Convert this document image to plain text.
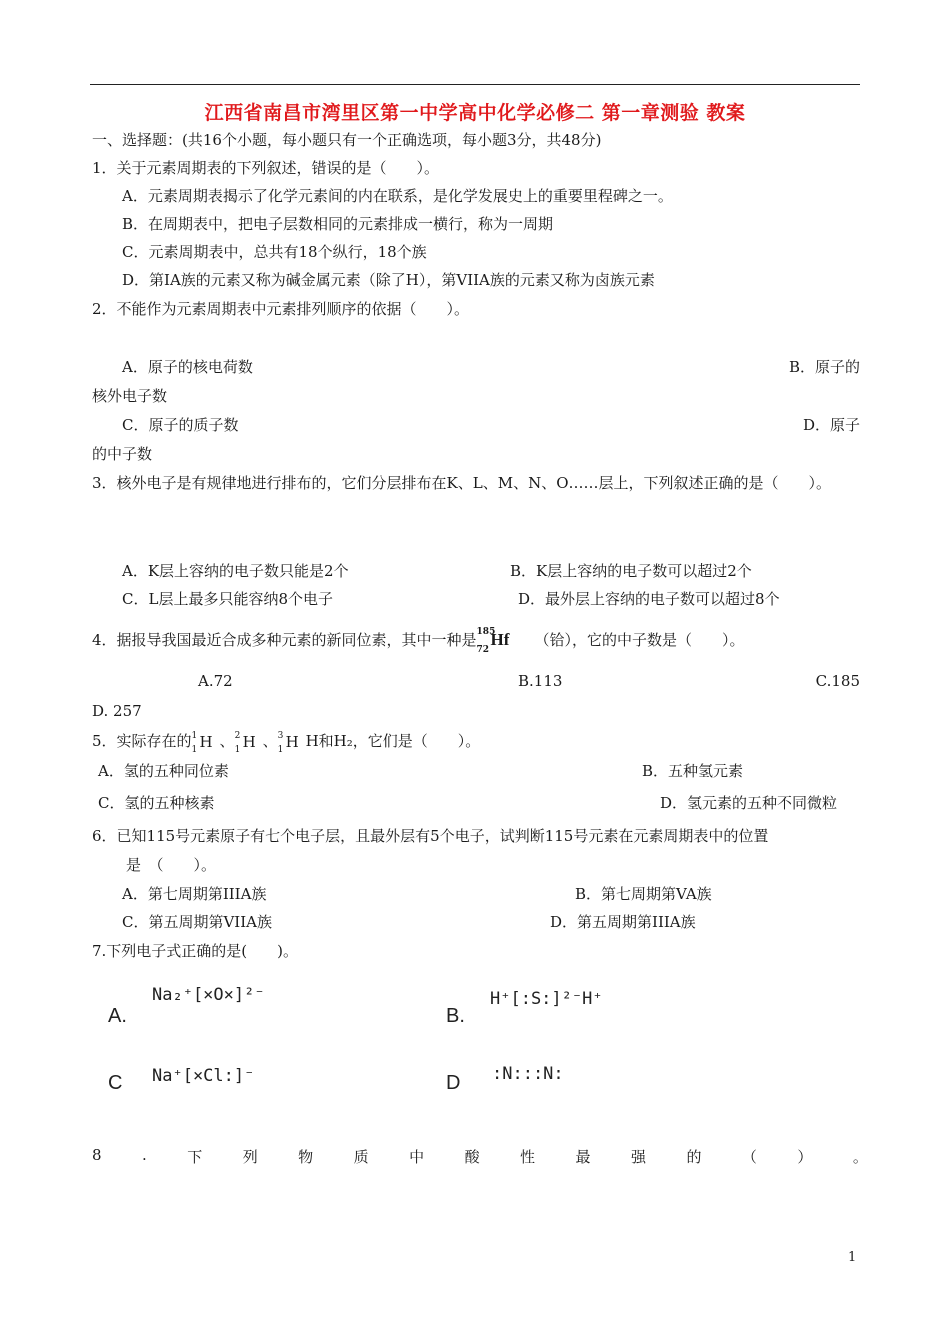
江西省南昌市湾里区第一中学高中化学必修二 第一章测验 教案
一、选择题：(共16个小题，每小题只有一个正确选项，每小题3分，共48分)
1．关于元素周期表的下列叙述，错误的是（　　）。
A．元素周期表揭示了化学元素间的内在联系，是化学发展史上的重要里程碑之一。
B．在周期表中，把电子层数相同的元素排成一横行，称为一周期
C．元素周期表中，总共有18个纵行，18个族
D．第IA族的元素又称为碱金属元素（除了H），第VIIA族的元素又称为卤族元素
2．不能作为元素周期表中元素排列顺序的依据（　　）。
A．原子的核电荷数	B．原子的
核外电子数
C．原子的质子数	D．原子
的中子数
3．核外电子是有规律地进行排布的，它们分层排布在K、L、M、N、O……层上，下列叙述正确的是（　　）。
A．K层上容纳的电子数只能是2个	B．K层上容纳的电子数可以超过2个
C．L层上最多只能容纳8个电子	D．最外层上容纳的电子数可以超过8个
4．据报导我国最近合成多种元素的新同位素，其中一种是 185
72
Hf （铪），它的中子数是（　　）。
A.72	B.113	C.185
D. 257
5．实际存在的 1
1 H 、 2
1 H 、 3
1 H H和H₂，它们是（　　）。
A．氢的五种同位素	B．五种氢元素
C．氢的五种核素	D．氢元素的五种不同微粒
6．已知115号元素原子有七个电子层，且最外层有5个电子，试判断115号元素在元素周期表中的位置
是　（　　）。
A．第七周期第IIIA族	B．第七周期第VA族
C．第五周期第VIIA族	D．第五周期第IIIA族
7.下列电子式正确的是(　　)。
A.
Na₂⁺[×O×]²⁻
B.
H⁺[:S:]²⁻H⁺
C Na⁺[×Cl:]⁻	D :N:::N:
8	.	下	列	物	质	中	酸	性	最	强	的	（	）	。
1
